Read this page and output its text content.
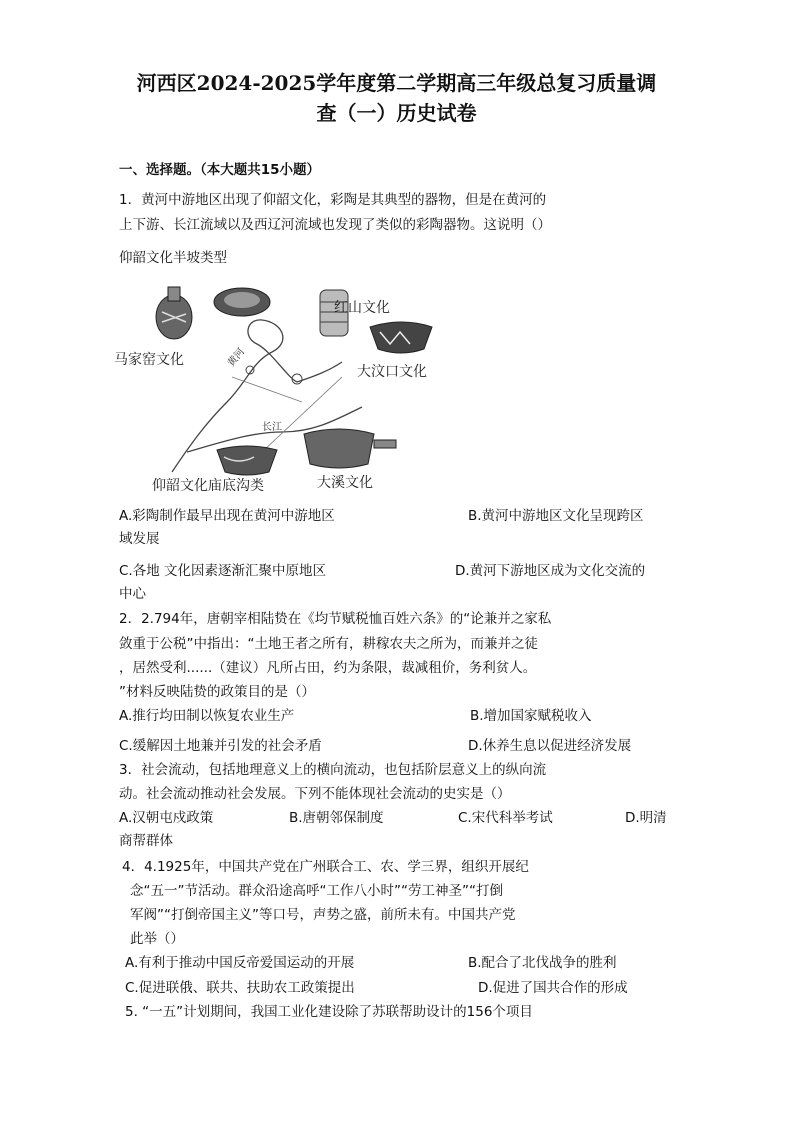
河西区2024-2025学年度第二学期高三年级总复习质量调
查（一）历史试卷
一、选择题。（本大题共15小题）
1．黄河中游地区出现了仰韶文化，彩陶是其典型的器物，但是在黄河的
上下游、长江流域以及西辽河流域也发现了类似的彩陶器物。这说明（）
仰韶文化半坡类型
马家窑文化
红山文化
大汶口文化
仰韶文化庙底沟类	大溪文化
黄河
长江
A.彩陶制作最早出现在黄河中游地区	B.黄河中游地区文化呈现跨区
域发展
C.各地 文化因素逐渐汇聚中原地区	D.黄河下游地区成为文化交流的
中心
2．2.794年，唐朝宰相陆贽在《均节赋税恤百姓六条》的“论兼并之家私
敛重于公税”中指出：“土地王者之所有，耕稼农夫之所为，而兼并之徒
，居然受利......（建议）凡所占田，约为条限，裁减租价，务利贫人。
”材料反映陆贽的政策目的是（）
A.推行均田制以恢复农业生产	B.增加国家赋税收入
C.缓解因土地兼并引发的社会矛盾	D.休养生息以促进经济发展
3．社会流动，包括地理意义上的横向流动，也包括阶层意义上的纵向流
动。社会流动推动社会发展。下列不能体现社会流动的史实是（）
A.汉朝屯戍政策	B.唐朝邻保制度	C.宋代科举考试	D.明清
商帮群体
4．4.1925年，中国共产党在广州联合工、农、学三界，组织开展纪
念“五一”节活动。群众沿途高呼“工作八小时”“劳工神圣”“打倒
军阀”“打倒帝国主义”等口号，声势之盛，前所未有。中国共产党
此举（）
A.有利于推动中国反帝爱国运动的开展	B.配合了北伐战争的胜利
C.促进联俄、联共、扶助农工政策提出	D.促进了国共合作的形成
5. “一五”计划期间，我国工业化建设除了苏联帮助设计的156个项目
